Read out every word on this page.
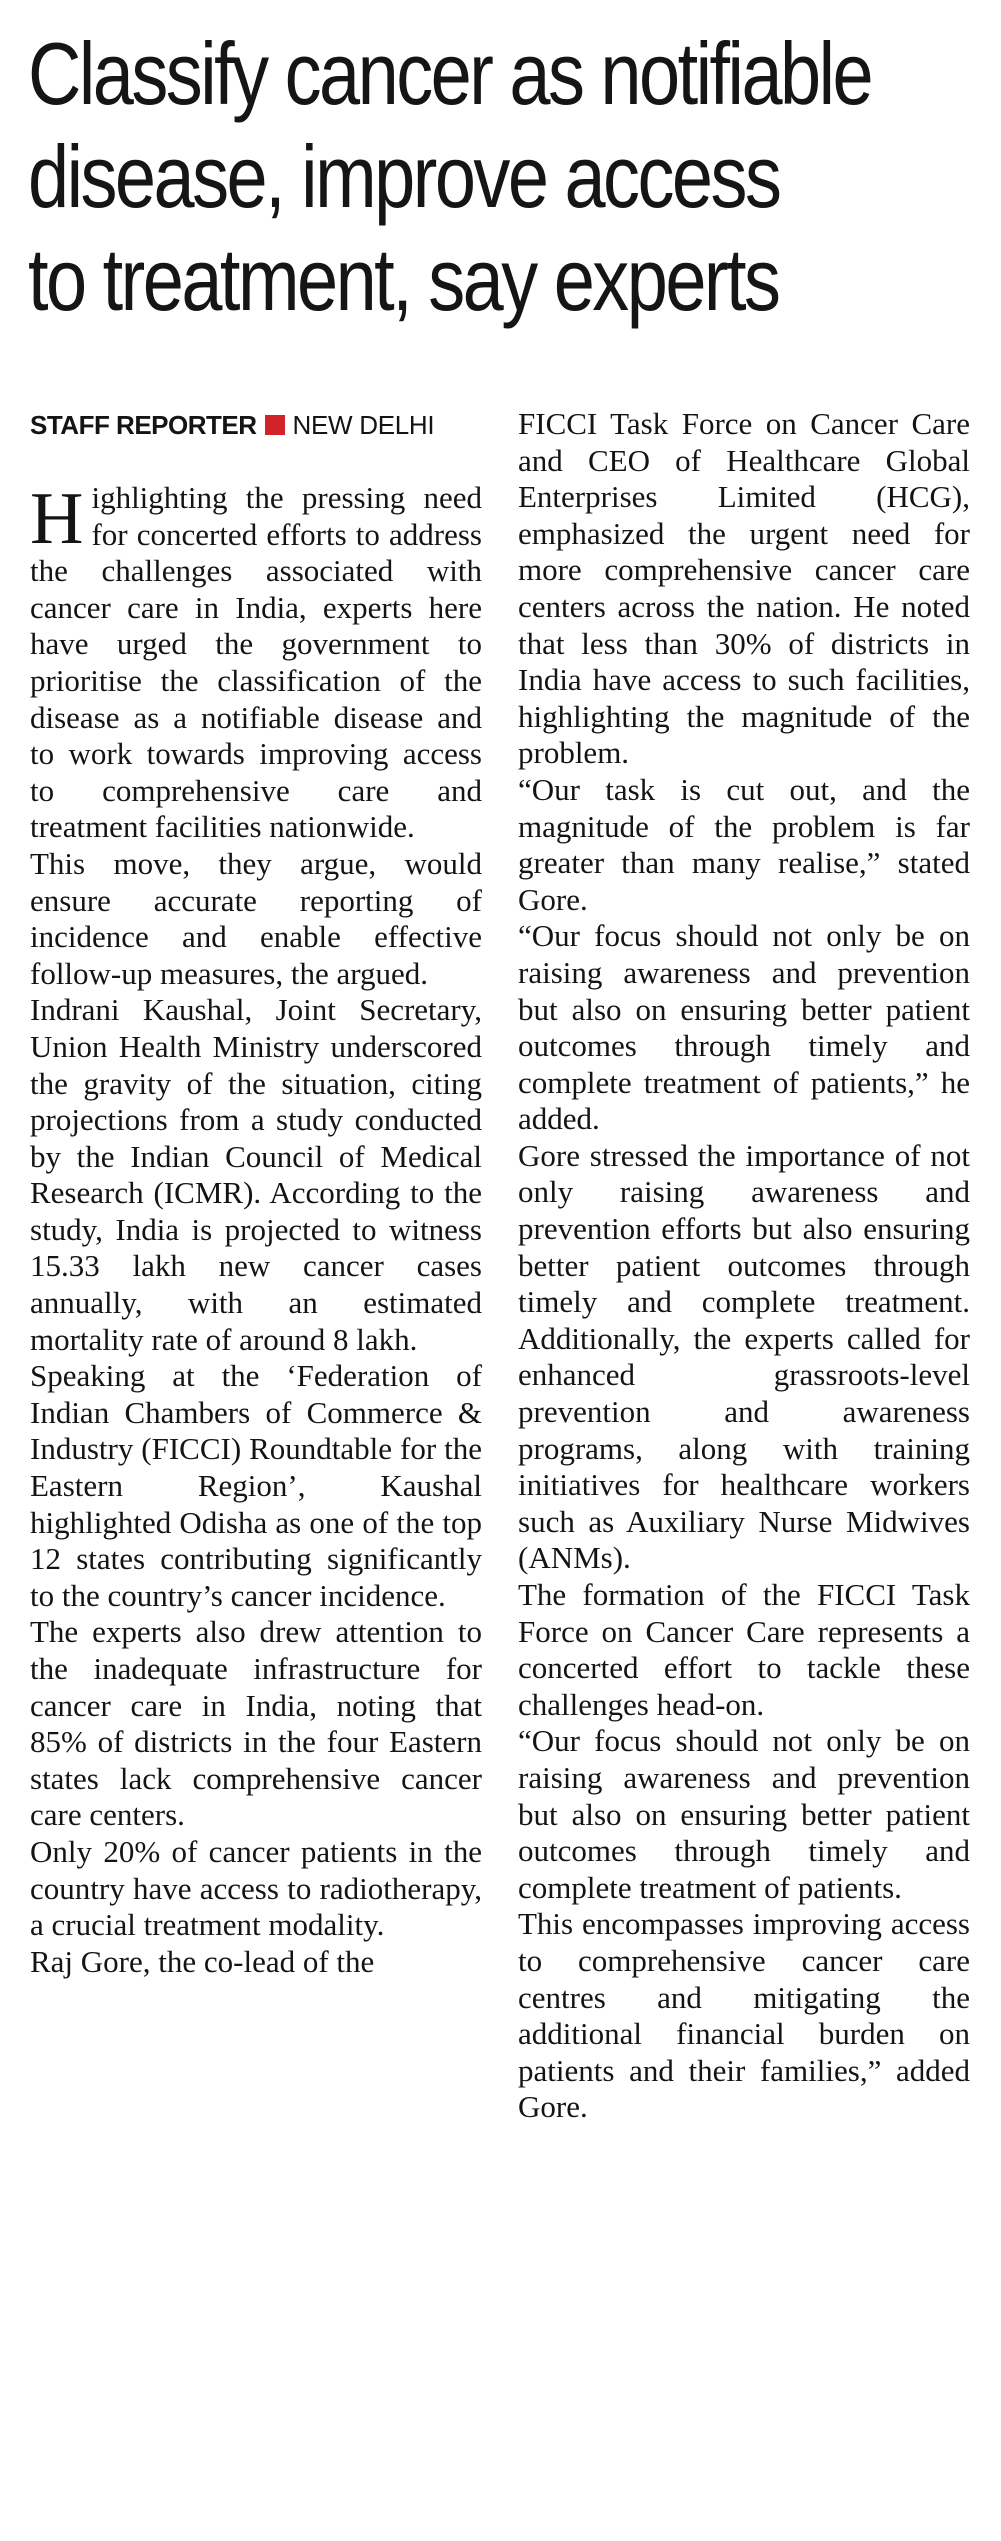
Classify cancer as notifiable
disease, improve access
to treatment, say experts
STAFF REPORTER NEW DELHI

Highlighting the pressing need for concerted efforts to address the challenges associated with cancer care in India, experts here have urged the government to prioritise the classification of the disease as a notifiable disease and to work towards improving access to comprehensive care and treatment facilities nationwide.

This move, they argue, would ensure accurate reporting of incidence and enable effective follow-up measures, the argued.

Indrani Kaushal, Joint Secretary, Union Health Ministry underscored the gravity of the situation, citing projections from a study conducted by the Indian Council of Medical Research (ICMR). According to the study, India is projected to witness 15.33 lakh new cancer cases annually, with an estimated mortality rate of around 8 lakh.

Speaking at the ‘Federation of Indian Chambers of Commerce & Industry (FICCI) Roundtable for the Eastern Region’, Kaushal highlighted Odisha as one of the top 12 states contributing significantly to the country’s cancer incidence.

The experts also drew attention to the inadequate infrastructure for cancer care in India, noting that 85% of districts in the four Eastern states lack comprehensive cancer care centers.

Only 20% of cancer patients in the country have access to radiotherapy, a crucial treatment modality.

Raj Gore, the co-lead of the

FICCI Task Force on Cancer Care and CEO of Healthcare Global Enterprises Limited (HCG), emphasized the urgent need for more comprehensive cancer care centers across the nation. He noted that less than 30% of districts in India have access to such facilities, highlighting the magnitude of the problem.

“Our task is cut out, and the magnitude of the problem is far greater than many realise,” stated Gore.

“Our focus should not only be on raising awareness and prevention but also on ensuring better patient outcomes through timely and complete treatment of patients,” he added.

Gore stressed the importance of not only raising awareness and prevention efforts but also ensuring better patient outcomes through timely and complete treatment. Additionally, the experts called for enhanced grassroots-level prevention and awareness programs, along with training initiatives for healthcare workers such as Auxiliary Nurse Midwives (ANMs).

The formation of the FICCI Task Force on Cancer Care represents a concerted effort to tackle these challenges head-on.

“Our focus should not only be on raising awareness and prevention but also on ensuring better patient outcomes through timely and complete treatment of patients.

This encompasses improving access to comprehensive cancer care centres and mitigating the additional financial burden on patients and their families,” added Gore.
